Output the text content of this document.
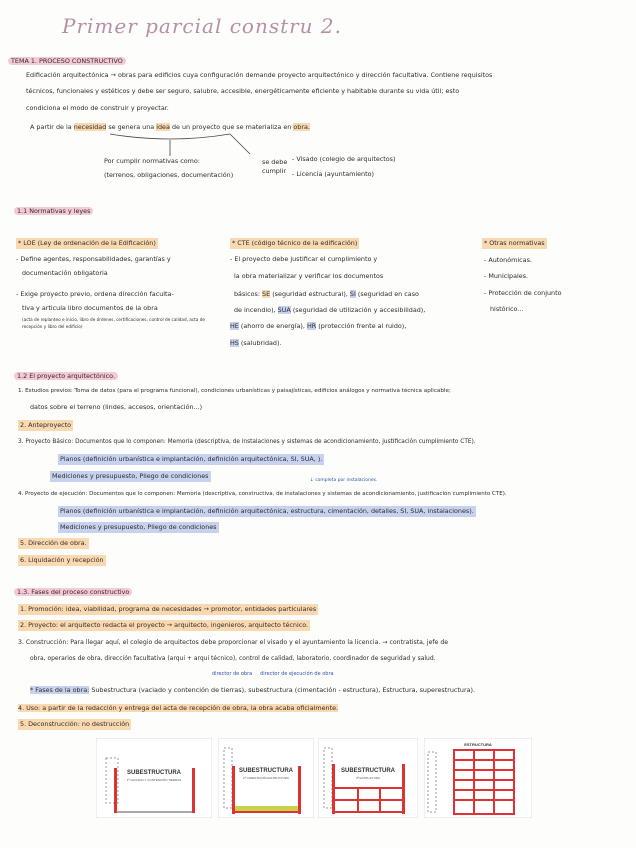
Primer parcial constru 2.
TEMA 1. PROCESO CONSTRUCTIVO
Edificación arquitectónica → obras para edificios cuya configuración demande proyecto arquitectónico y dirección facultativa. Contiene requisitos
técnicos, funcionales y estéticos y debe ser seguro, salubre, accesible, energéticamente eficiente y habitable durante su vida útil; esto
condiciona el modo de construir y proyectar.
A partir de la necesidad se genera una idea de un proyecto que se materializa en obra.
Por cumplir normativas como:
(terrenos, obligaciones, documentación)
se debe cumplir
- Visado (colegio de arquitectos)
- Licencia (ayuntamiento)
1.1 Normativas y leyes
* LOE (Ley de ordenación de la Edificación)
- Define agentes, responsabilidades, garantías y
documentación obligatoria
- Exige proyecto previo, ordena dirección faculta-
tiva y articula libro documentos de la obra
(acta de replanteo e inicio, libro de órdenes, certificaciones, control de calidad, acta de
recepción y libro del edificio)
* CTE (código técnico de la edificación)
- El proyecto debe justificar el cumplimiento y
la obra materializar y verificar los documentos
básicos: SE (seguridad estructural), SI (seguridad en caso
de incendio), SUA (seguridad de utilización y accesibilidad),
HE (ahorro de energía), HR (protección frente al ruido),
HS (salubridad).
* Otras normativas
- Autonómicas.
- Municipales.
- Protección de conjunto
histórico...
1.2 El proyecto arquitectónico.
1. Estudios previos: Toma de datos (para el programa funcional), condiciones urbanísticas y paisajísticas, edificios análogos y normativa técnica aplicable;
datos sobre el terreno (lindes, accesos, orientación...)
2. Anteproyecto
3. Proyecto Básico: Documentos que lo componen: Memoria (descriptiva, de instalaciones y sistemas de acondicionamiento, justificación cumplimiento CTE).
Planos (definición urbanística e implantación, definición arquitectónica, SI, SUA, ).
Mediciones y presupuesto, Pliego de condiciones
↓ completa por instalaciones.
4. Proyecto de ejecución: Documentos que lo componen: Memoria (descriptiva, constructiva, de instalaciones y sistemas de acondicionamiento, justificación cumplimiento CTE).
Planos (definición urbanística e implantación, definición arquitectónica, estructura, cimentación, detalles, SI, SUA, instalaciones).
Mediciones y presupuesto, Pliego de condiciones
5. Dirección de obra.
6. Liquidación y recepción
1.3. Fases del proceso constructivo
1. Promoción: idea, viabilidad, programa de necesidades → promotor, entidades particulares
2. Proyecto: el arquitecto redacta el proyecto → arquitecto, ingenieros, arquitecto técnico.
3. Construcción: Para llegar aquí, el colegio de arquitectos debe proporcionar el visado y el ayuntamiento la licencia. → contratista, jefe de
obra, operarios de obra, dirección facultativa (arqui + arqui técnico), control de calidad, laboratorio, coordinador de seguridad y salud.
director de obra     director de ejecución de obra
* Fases de la obra: Subestructura (vaciado y contención de tierras), subestructura (cimentación - estructura), Estructura, superestructura).
4. Uso: a partir de la redacción y entrega del acta de recepción de obra, la obra acaba oficialmente.
5. Deconstrucción: no destrucción
SUBESTRUCTURA
1ª VACIADO Y CONTENCIÓN TIERRAS
SUBESTRUCTURA
2ª CIMENTACIÓN-ESTRUCTURA
SUBESTRUCTURA
3ª ESTRUCTURA
ESTRUCTURA
